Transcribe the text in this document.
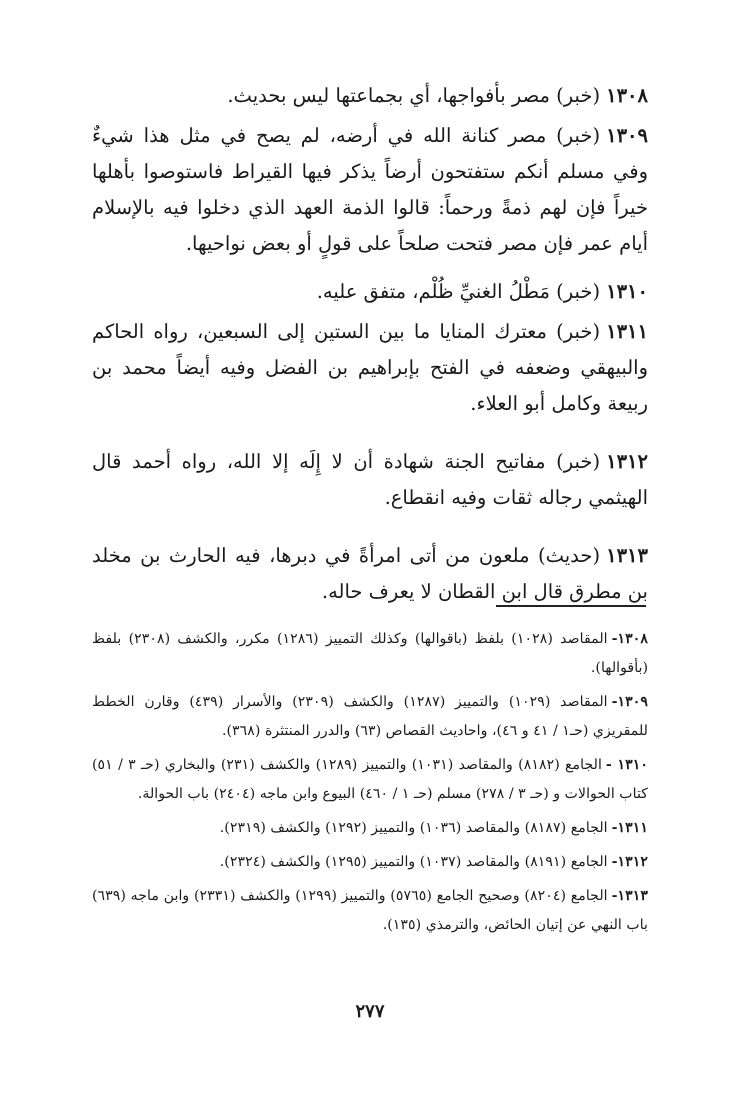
١٣٠٨(خبر) مصر بأفواجها، أي بجماعتها ليس بحديث.

١٣٠٩(خبر) مصر كنانة الله في أرضه، لم يصح في مثل هذا شيءٌ وفي مسلم أنكم ستفتحون أرضاً يذكر فيها القيراط فاستوصوا بأهلها خيراً فإن لهم ذمةً ورحماً: قالوا الذمة العهد الذي دخلوا فيه بالإسلام أيام عمر فإن مصر فتحت صلحاً على قولٍ أو بعض نواحيها.

١٣١٠(خبر) مَطْلُ الغنيِّ ظُلْم، متفق عليه.

١٣١١(خبر) معترك المنايا ما بين الستين إلى السبعين، رواه الحاكم والبيهقي وضعفه في الفتح بإبراهيم بن الفضل وفيه أيضاً محمد بن ربيعة وكامل أبو العلاء.

١٣١٢(خبر) مفاتيح الجنة شهادة أن لا إِلَه إلا الله، رواه أحمد قال الهيثمي رجاله ثقات وفيه انقطاع.

١٣١٣(حديث) ملعون من أتى امرأةً في دبرها، فيه الحارث بن مخلد بن مطرق قال ابن القطان لا يعرف حاله.

١٣٠٨-المقاصد (١٠٢٨) بلفظ (باقوالها) وكذلك التمييز (١٢٨٦) مكرر، والكشف (٢٣٠٨) بلفظ (بأقوالها).

١٣٠٩-المقاصد (١٠٢٩) والتمييز (١٢٨٧) والكشف (٢٣٠٩) والأسرار (٤٣٩) وقارن الخطط للمقريزي (حـ١ / ٤١ و ٤٦)، واحاديث القصاص (٦٣) والدرر المنتثرة (٣٦٨).

١٣١٠ -الجامع (٨١٨٢) والمقاصد (١٠٣١) والتمييز (١٢٨٩) والكشف (٢٣١) والبخاري (حـ ٣ / ٥١) كتاب الحوالات و (حـ ٣ / ٢٧٨) مسلم (حـ ١ / ٤٦٠) البيوع وابن ماجه (٢٤٠٤) باب الحوالة.

١٣١١-الجامع (٨١٨٧) والمقاصد (١٠٣٦) والتمييز (١٢٩٢) والكشف (٢٣١٩).

١٣١٢-الجامع (٨١٩١) والمقاصد (١٠٣٧) والتمييز (١٢٩٥) والكشف (٢٣٢٤).

١٣١٣-الجامع (٨٢٠٤) وصحيح الجامع (٥٧٦٥) والتمييز (١٢٩٩) والكشف (٢٣٣١) وابن ماجه (٦٣٩) باب النهي عن إتيان الحائض، والترمذي (١٣٥).

٢٧٧
